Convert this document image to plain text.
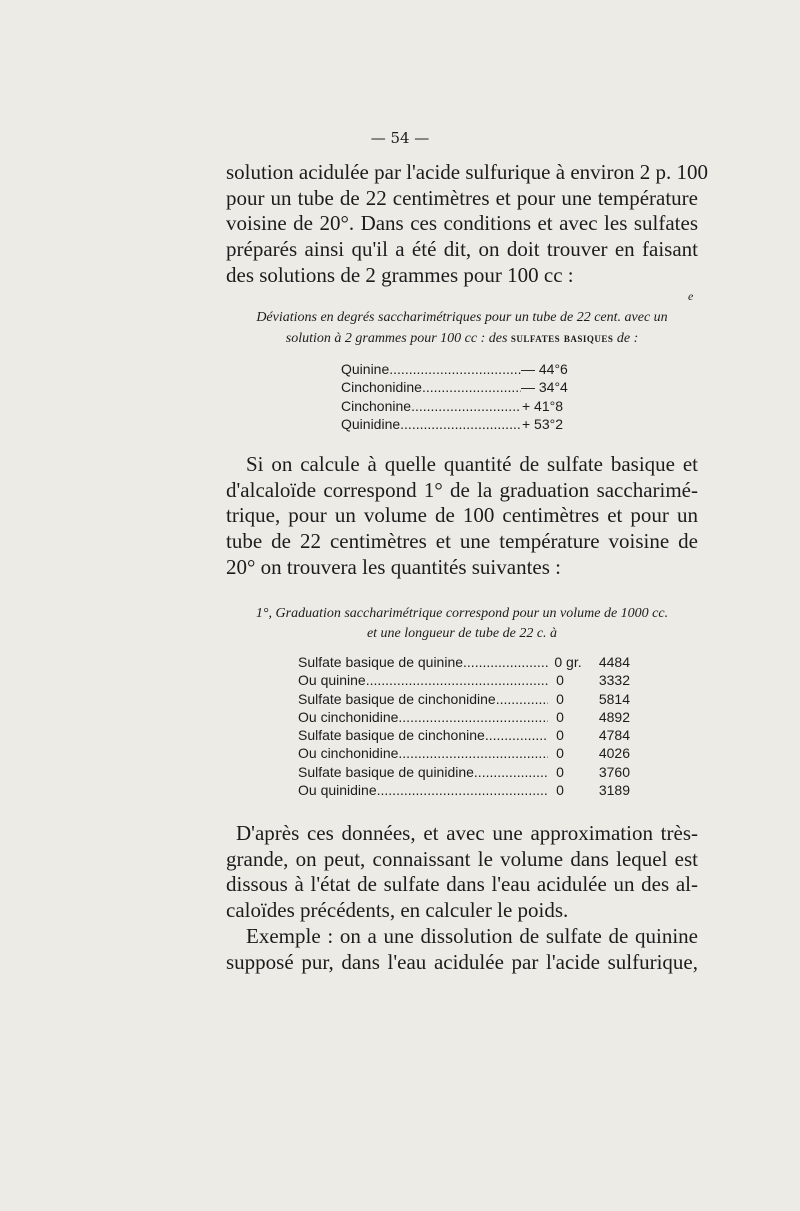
— 54 —
solution acidulée par l'acide sulfurique à environ 2 p. 100
pour un tube de 22 centimètres et pour une température
voisine de 20°. Dans ces conditions et avec les sulfates
préparés ainsi qu'il a été dit, on doit trouver en faisant
des solutions de 2 grammes pour 100 cc :
e
Déviations en degrés saccharimétriques pour un tube de 22 cent. avec un
solution à 2 grammes pour 100 cc : des sulfates basiques de :
Quinine .....	— 44°6
Cinchonidine .....	— 34°4
Cinchonine .....	+ 41°8
Quinidine .....	+ 53°2
Si on calcule à quelle quantité de sulfate basique et
d'alcaloïde correspond 1° de la graduation saccharimé-
trique, pour un volume de 100 centimètres et pour un
tube de 22 centimètres et une température voisine de
20° on trouvera les quantités suivantes :
1°, Graduation saccharimétrique correspond pour un volume de 1000 cc.
et une longueur de tube de 22 c. à
Sulfate basique de quinine .....	0 gr.	4484
Ou quinine .....	0	3332
Sulfate basique de cinchonidine .....	0	5814
Ou cinchonidine .....	0	4892
Sulfate basique de cinchonine .....	0	4784
Ou cinchonidine .....	0	4026
Sulfate basique de quinidine .....	0	3760
Ou quinidine .....	0	3189
D'après ces données, et avec une approximation très-
grande, on peut, connaissant le volume dans lequel est
dissous à l'état de sulfate dans l'eau acidulée un des al-
caloïdes précédents, en calculer le poids.
Exemple : on a une dissolution de sulfate de quinine
supposé pur, dans l'eau acidulée par l'acide sulfurique,
